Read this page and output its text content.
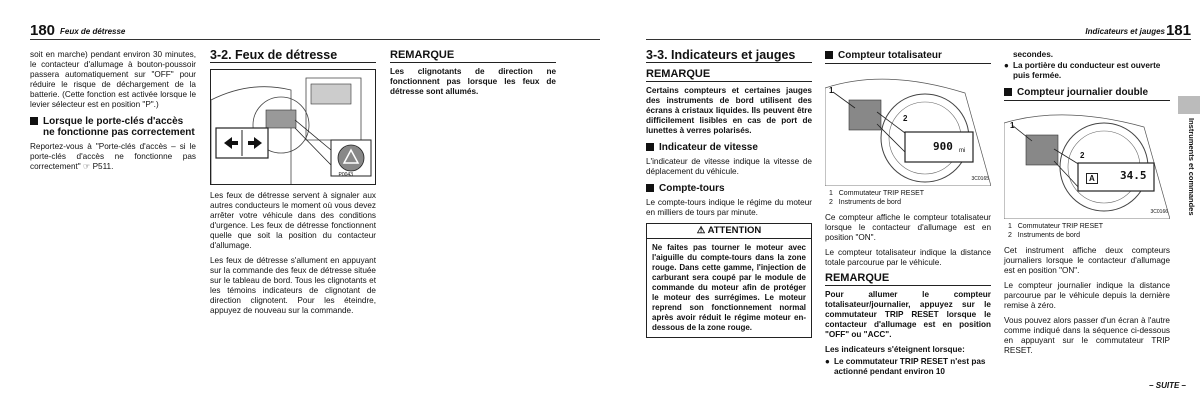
180 Feux de détresse

soit en marche) pendant environ 30 minutes, le contacteur d'allumage à bouton-poussoir passera automatiquement sur "OFF" pour réduire le risque de déchargement de la batterie. (Cette fonction est activée lorsque le levier sélecteur est en position "P".)

Lorsque le porte-clés d'accès ne fonctionne pas correctement

Reportez-vous à "Porte-clés d'accès – si le porte-clés d'accès ne fonctionne pas correctement" ☞ P511.

3-2. Feux de détresse
P0043

Les feux de détresse servent à signaler aux autres conducteurs le moment où vous devez arrêter votre véhicule dans des conditions d'urgence. Les feux de détresse fonctionnent quelle que soit la position du contacteur d'allumage.

Les feux de détresse s'allument en appuyant sur la commande des feux de détresse située sur le tableau de bord. Tous les clignotants et les témoins indicateurs de clignotant de direction clignotent. Pour les éteindre, appuyez de nouveau sur la commande.

REMARQUE

Les clignotants de direction ne fonctionnent pas lorsque les feux de détresse sont allumés.

Indicateurs et jauges 181
3-3. Indicateurs et jauges
REMARQUE

Certains compteurs et certaines jauges des instruments de bord utilisent des écrans à cristaux liquides. Ils peuvent être difficilement lisibles en cas de port de lunettes à verres polarisés.

Indicateur de vitesse

L'indicateur de vitesse indique la vitesse de déplacement du véhicule.

Compte-tours

Le compte-tours indique le régime du moteur en milliers de tours par minute.

⚠ ATTENTION
Ne faites pas tourner le moteur avec l'aiguille du compte-tours dans la zone rouge. Dans cette gamme, l'injection de carburant sera coupé par le module de commande du moteur afin de protéger le moteur des surrégimes. Le moteur reprend son fonctionnement normal après avoir réduit le régime moteur en-dessous de la zone rouge.
Compteur totalisateur
1
2
900 mi
3C0165
1 Commutateur TRIP RESET
2 Instruments de bord

Ce compteur affiche le compteur totalisateur lorsque le contacteur d'allumage est en position "ON".

Le compteur totalisateur indique la distance totale parcourue par le véhicule.

REMARQUE

Pour allumer le compteur totalisateur/journalier, appuyez sur le commutateur TRIP RESET lorsque le contacteur d'allumage est en position "OFF" ou "ACC".

Les indicateurs s'éteignent lorsque:

● Le commutateur TRIP RESET n'est pas actionné pendant environ 10

secondes.

● La portière du conducteur est ouverte puis fermée.
Compteur journalier double
1
2
A 34.5
3C0166
1 Commutateur TRIP RESET
2 Instruments de bord

Cet instrument affiche deux compteurs journaliers lorsque le contacteur d'allumage est en position "ON".

Le compteur journalier indique la distance parcourue par le véhicule depuis la dernière remise à zéro.

Vous pouvez alors passer d'un écran à l'autre comme indiqué dans la séquence ci-dessous en appuyant sur le commutateur TRIP RESET.

Instruments et commandes
– SUITE –
